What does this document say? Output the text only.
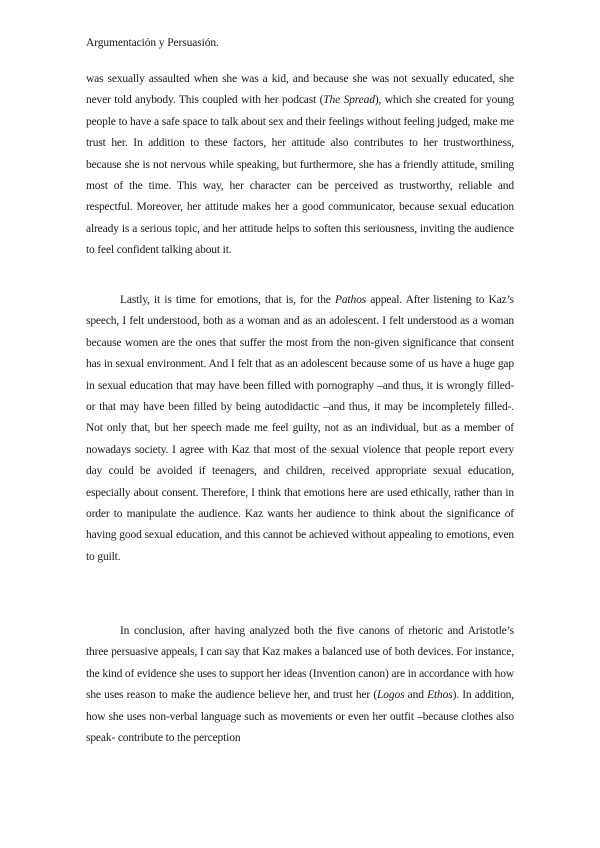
Argumentación y Persuasión.

was sexually assaulted when she was a kid, and because she was not sexually educated, she never told anybody. This coupled with her podcast (The Spread), which she created for young people to have a safe space to talk about sex and their feelings without feeling judged, make me trust her. In addition to these factors, her attitude also contributes to her trustworthiness, because she is not nervous while speaking, but furthermore, she has a friendly attitude, smiling most of the time. This way, her character can be perceived as trustworthy, reliable and respectful. Moreover, her attitude makes her a good communicator, because sexual education already is a serious topic, and her attitude helps to soften this seriousness, inviting the audience to feel confident talking about it.

Lastly, it is time for emotions, that is, for the Pathos appeal. After listening to Kaz’s speech, I felt understood, both as a woman and as an adolescent. I felt understood as a woman because women are the ones that suffer the most from the non-given significance that consent has in sexual environment. And I felt that as an adolescent because some of us have a huge gap in sexual education that may have been filled with pornography –and thus, it is wrongly filled- or that may have been filled by being autodidactic –and thus, it may be incompletely filled-. Not only that, but her speech made me feel guilty, not as an individual, but as a member of nowadays society. I agree with Kaz that most of the sexual violence that people report every day could be avoided if teenagers, and children, received appropriate sexual education, especially about consent. Therefore, I think that emotions here are used ethically, rather than in order to manipulate the audience. Kaz wants her audience to think about the significance of having good sexual education, and this cannot be achieved without appealing to emotions, even to guilt.

In conclusion, after having analyzed both the five canons of rhetoric and Aristotle’s three persuasive appeals, I can say that Kaz makes a balanced use of both devices. For instance, the kind of evidence she uses to support her ideas (Invention canon) are in accordance with how she uses reason to make the audience believe her, and trust her (Logos and Ethos). In addition, how she uses non-verbal language such as movements or even her outfit –because clothes also speak- contribute to the perception
